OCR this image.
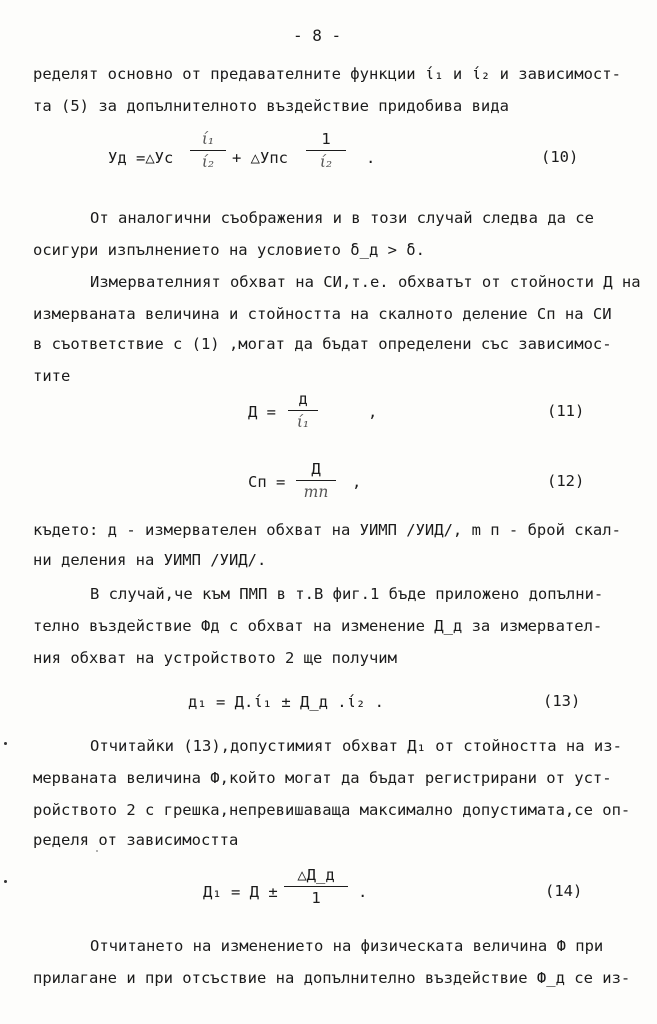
- 8 -
ределят основно от предавателните функции ί₁ и ί₂ и зависимост-
та (5) за допълнителното въздействие придобива вида
Уд =△Ус
ί₁
ί₂	+ △Упс
1
ί₂	.	(10)
От аналогични съображения и в този случай следва да се
осигури изпълнението на условието δ_д > δ.
Измервателният обхват на СИ,т.е. обхватът от стойности Д на
измерваната величина и стойността на скалното деление Сп на СИ
в съответствие с (1) ,могат да бъдат определени със зависимос-
тите
Д =
д
ί₁
,	(11)
Сп =
Д
mп
,	(12)
където: д - измервателен обхват на УИМП /УИД/, m п - брой скал-
ни деления на УИМП /УИД/.
В случай,че към ПМП в т.В фиг.1 бъде приложено допълни-
телно въздействие Фд с обхват на изменение Д_д за измервател-
ния обхват на устройството 2 ще получим
д₁ = Д.ί₁ ± Д_д .ί₂ .	(13)
Отчитайки (13),допустимият обхват Д₁ от стойността на из-
мерваната величина Ф,който могат да бъдат регистрирани от уст-
ройството 2 с грешка,непревишаваща максимално допустимата,се оп-
ределя от зависимостта
Д₁ = Д ±
△Д_д
1	.	(14)
Отчитането на изменението на физическата величина Ф при
прилагане и при отсъствие на допълнително въздействие Ф_д се из-
